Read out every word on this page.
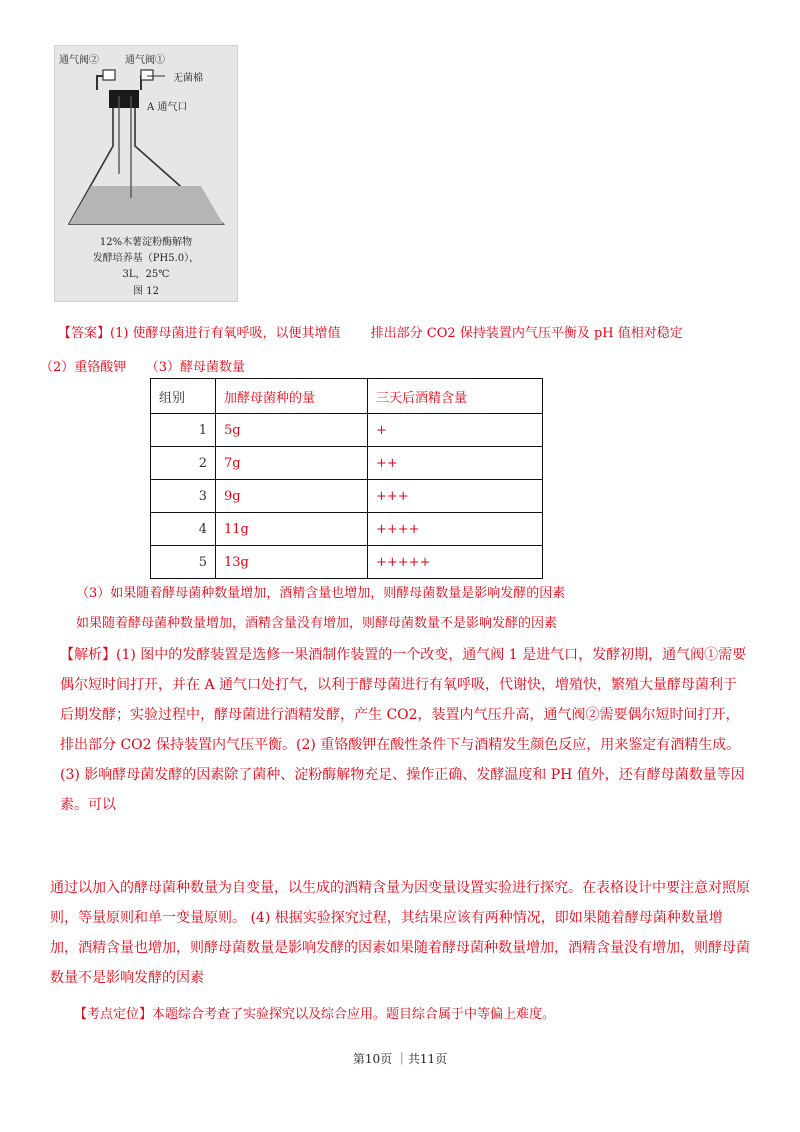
通气阀②	通气阀①
无菌棉
A 通气口
12%木薯淀粉酶解物
发酵培养基（PH5.0），
3L，25℃
图 12
【答案】(1) 使酵母菌进行有氧呼吸，以便其增值　　 排出部分 CO2 保持装置内气压平衡及 pH 值相对稳定
（2）重铬酸钾　　（3）酵母菌数量
组别	加酵母菌种的量	三天后酒精含量
1	5g	+
2	7g	++
3	9g	+++
4	11g	++++
5	13g	+++++
（3）如果随着酵母菌种数量增加，酒精含量也增加，则酵母菌数量是影响发酵的因素
如果随着酵母菌种数量增加，酒精含量没有增加，则酵母菌数量不是影响发酵的因素
【解析】(1) 图中的发酵装置是选修一果酒制作装置的一个改变，通气阀 1 是进气口，发酵初期，通气阀①需要偶尔短时间打开，并在 A 通气口处打气，以利于酵母菌进行有氧呼吸，代谢快，增殖快，繁殖大量酵母菌利于后期发酵；实验过程中，酵母菌进行酒精发酵，产生 CO2，装置内气压升高，通气阀②需要偶尔短时间打开，排出部分 CO2 保持装置内气压平衡。(2) 重铬酸钾在酸性条件下与酒精发生颜色反应，用来鉴定有酒精生成。(3) 影响酵母菌发酵的因素除了菌种、淀粉酶解物充足、操作正确、发酵温度和 PH 值外，还有酵母菌数量等因素。可以
通过以加入的酵母菌种数量为自变量，以生成的酒精含量为因变量设置实验进行探究。在表格设计中要注意对照原则，等量原则和单一变量原则。 (4) 根据实验探究过程，其结果应该有两种情况，即如果随着酵母菌种数量增加，酒精含量也增加，则酵母菌数量是影响发酵的因素如果随着酵母菌种数量增加，酒精含量没有增加，则酵母菌数量不是影响发酵的因素
【考点定位】本题综合考查了实验探究以及综合应用。题目综合属于中等偏上难度。
第10页 ｜共11页
